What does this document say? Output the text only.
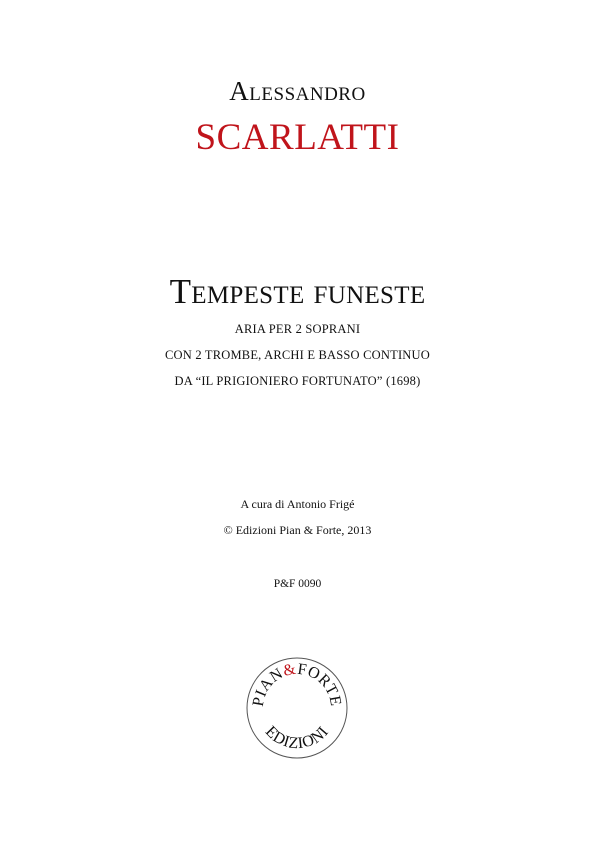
Alessandro
SCARLATTI
Tempeste funeste
ARIA PER 2 SOPRANI
CON 2 TROMBE, ARCHI E BASSO CONTINUO
DA “IL PRIGIONIERO FORTUNATO” (1698)
A cura di Antonio Frigé
© Edizioni Pian & Forte, 2013
P&F 0090
PIAN&FORTE
EDIZIONI
